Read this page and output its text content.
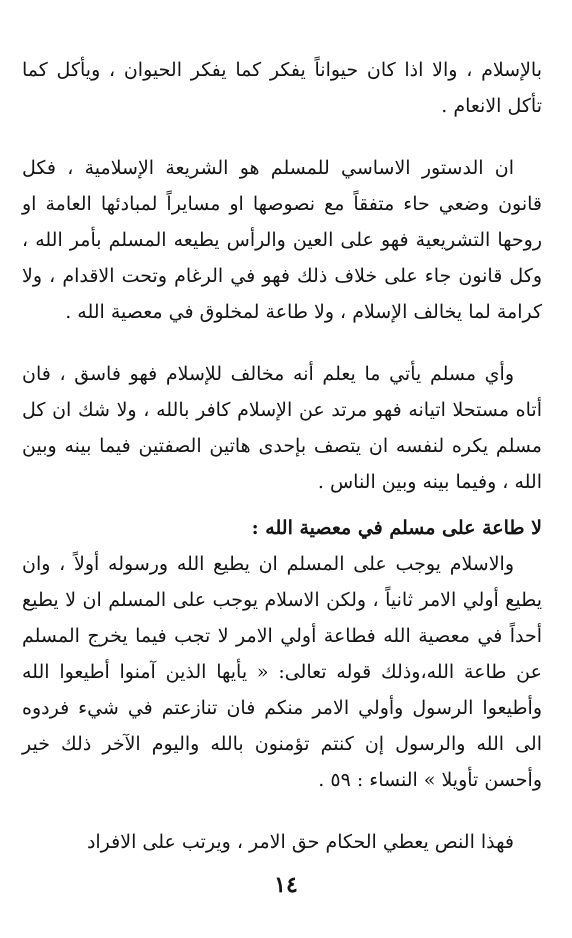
بالإسلام ، والا اذا كان حيواناً يفكر كما يفكر الحيوان ، ويأكل كما تأكل الانعام .

ان الدستور الاساسي للمسلم هو الشريعة الإسلامية ، فكل قانون وضعي حاء متفقاً مع نصوصها او مسايراً لمبادئها العامة او روحها التشريعية فهو على العين والرأس يطيعه المسلم بأمر الله ، وكل قانون جاء على خلاف ذلك فهو في الرغام وتحت الاقدام ، ولا كرامة لما يخالف الإسلام ، ولا طاعة لمخلوق في معصية الله .

وأي مسلم يأتي ما يعلم أنه مخالف للإسلام فهو فاسق ، فان أتاه مستحلا اتيانه فهو مرتد عن الإسلام كافر بالله ، ولا شك ان كل مسلم يكره لنفسه ان يتصف بإحدى هاتين الصفتين فيما بينه وبين الله ، وفيما بينه وبين الناس .

لا طاعة على مسلم في معصية الله :

والاسلام يوجب على المسلم ان يطيع الله ورسوله أولاً ، وان يطيع أولي الامر ثانياً ، ولكن الاسلام يوجب على المسلم ان لا يطيع أحداً في معصية الله فطاعة أولي الامر لا تجب فيما يخرج المسلم عن طاعة الله،وذلك قوله تعالى: « يأيها الذين آمنوا أطيعوا الله وأطيعوا الرسول وأولي الامر منكم فان تنازعتم في شيء فردوه الى الله والرسول إن كنتم تؤمنون بالله واليوم الآخر ذلك خير وأحسن تأويلا » النساء : ٥٩ .

فهذا النص يعطي الحكام حق الامر ، ويرتب على الافراد

١٤
